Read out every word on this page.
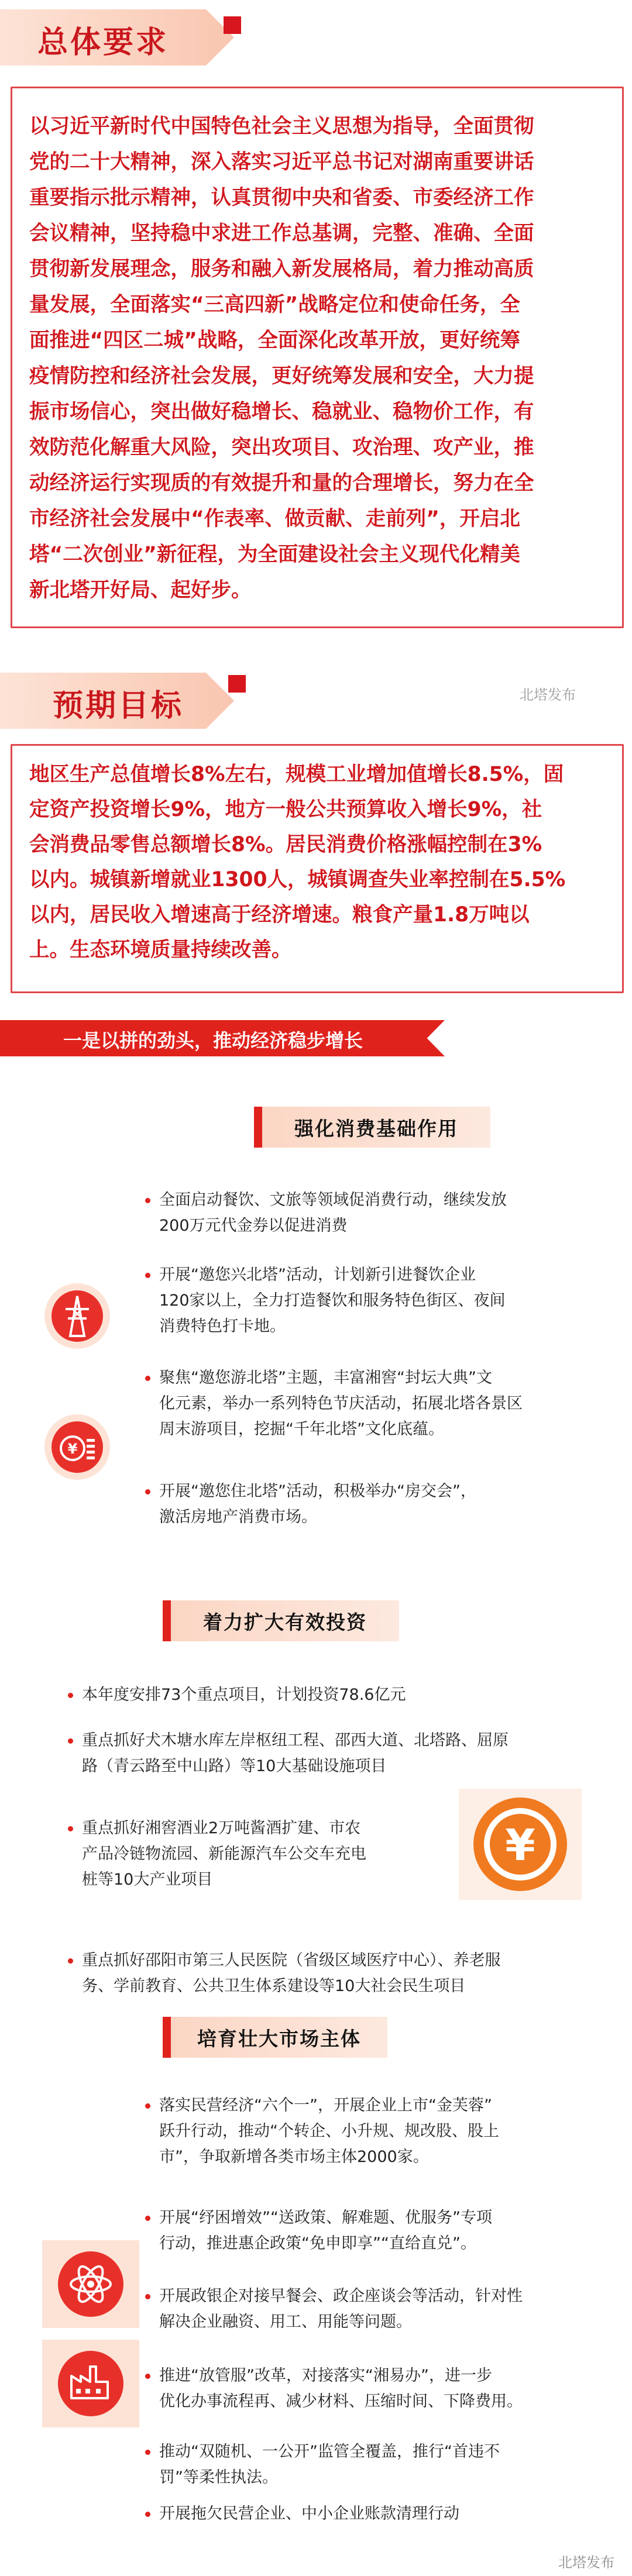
总体要求
以习近平新时代中国特色社会主义思想为指导，全面贯彻
党的二十大精神，深入落实习近平总书记对湖南重要讲话
重要指示批示精神，认真贯彻中央和省委、市委经济工作
会议精神，坚持稳中求进工作总基调，完整、准确、全面
贯彻新发展理念，服务和融入新发展格局，着力推动高质
量发展，全面落实“三高四新”战略定位和使命任务，全
面推进“四区二城”战略，全面深化改革开放，更好统筹
疫情防控和经济社会发展，更好统筹发展和安全，大力提
振市场信心，突出做好稳增长、稳就业、稳物价工作，有
效防范化解重大风险，突出攻项目、攻治理、攻产业，推
动经济运行实现质的有效提升和量的合理增长，努力在全
市经济社会发展中“作表率、做贡献、走前列”，开启北
塔“二次创业”新征程，为全面建设社会主义现代化精美
新北塔开好局、起好步。
预期目标	北塔发布
地区生产总值增长8%左右，规模工业增加值增长8.5%，固
定资产投资增长9%，地方一般公共预算收入增长9%，社
会消费品零售总额增长8%。居民消费价格涨幅控制在3%
以内。城镇新增就业1300人，城镇调查失业率控制在5.5%
以内，居民收入增速高于经济增速。粮食产量1.8万吨以
上。生态环境质量持续改善。
一是以拼的劲头，推动经济稳步增长
强化消费基础作用
全面启动餐饮、文旅等领域促消费行动，继续发放
200万元代金券以促进消费
开展“邀您兴北塔”活动，计划新引进餐饮企业
120家以上，全力打造餐饮和服务特色街区、夜间
消费特色打卡地。
聚焦“邀您游北塔”主题，丰富湘窖“封坛大典”文
化元素，举办一系列特色节庆活动，拓展北塔各景区
周末游项目，挖掘“千年北塔”文化底蕴。
开展“邀您住北塔”活动，积极举办“房交会”，
激活房地产消费市场。
¥
着力扩大有效投资
本年度安排73个重点项目，计划投资78.6亿元
重点抓好犬木塘水库左岸枢纽工程、邵西大道、北塔路、屈原
路（青云路至中山路）等10大基础设施项目
重点抓好湘窖酒业2万吨酱酒扩建、市农
产品冷链物流园、新能源汽车公交车充电
桩等10大产业项目
重点抓好邵阳市第三人民医院（省级区域医疗中心）、养老服
务、学前教育、公共卫生体系建设等10大社会民生项目
¥
培育壮大市场主体
落实民营经济“六个一”，开展企业上市“金芙蓉”
跃升行动，推动“个转企、小升规、规改股、股上
市”，争取新增各类市场主体2000家。
开展“纾困增效”“送政策、解难题、优服务”专项
行动，推进惠企政策“免申即享”“直给直兑”。
开展政银企对接早餐会、政企座谈会等活动，针对性
解决企业融资、用工、用能等问题。
推进“放管服”改革，对接落实“湘易办”，进一步
优化办事流程再、减少材料、压缩时间、下降费用。
推动“双随机、一公开”监管全覆盖，推行“首违不
罚”等柔性执法。
开展拖欠民营企业、中小企业账款清理行动
北塔发布
